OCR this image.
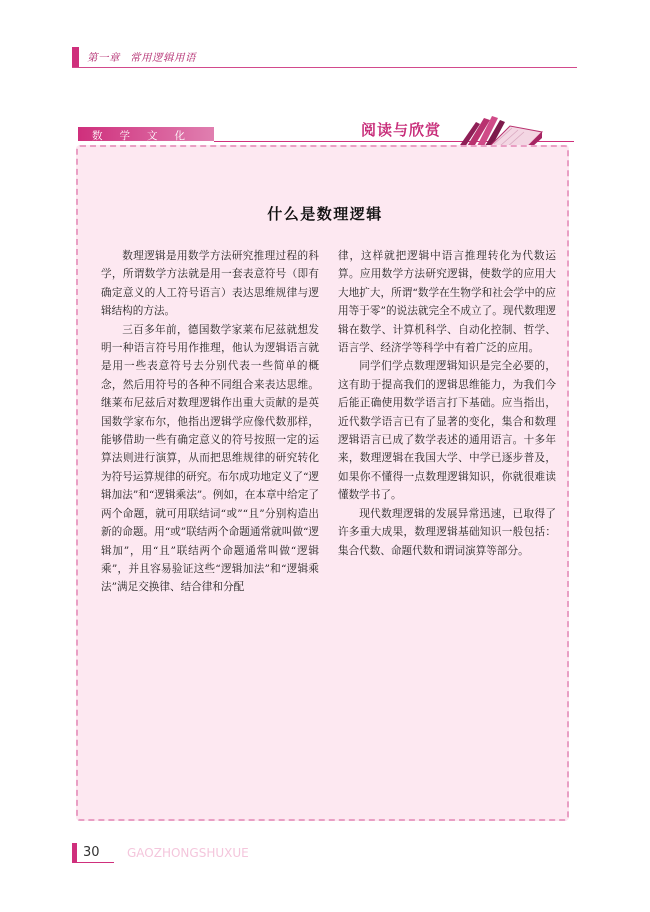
第一章 常用逻辑用语
数学文化	阅读与欣赏
什么是数理逻辑

数理逻辑是用数学方法研究推理过程的科学，所谓数学方法就是用一套表意符号（即有确定意义的人工符号语言）表达思维规律与逻辑结构的方法。

三百多年前，德国数学家莱布尼兹就想发明一种语言符号用作推理，他认为逻辑语言就是用一些表意符号去分别代表一些简单的概念，然后用符号的各种不同组合来表达思维。继莱布尼兹后对数理逻辑作出重大贡献的是英国数学家布尔，他指出逻辑学应像代数那样，能够借助一些有确定意义的符号按照一定的运算法则进行演算，从而把思维规律的研究转化为符号运算规律的研究。布尔成功地定义了“逻辑加法”和“逻辑乘法”。例如，在本章中给定了两个命题，就可用联结词“或”“且”分别构造出新的命题。用“或”联结两个命题通常就叫做“逻辑加”，用“且”联结两个命题通常叫做“逻辑乘”，并且容易验证这些“逻辑加法”和“逻辑乘法”满足交换律、结合律和分配

律，这样就把逻辑中语言推理转化为代数运算。应用数学方法研究逻辑，使数学的应用大大地扩大，所谓“数学在生物学和社会学中的应用等于零”的说法就完全不成立了。现代数理逻辑在数学、计算机科学、自动化控制、哲学、语言学、经济学等科学中有着广泛的应用。

同学们学点数理逻辑知识是完全必要的，这有助于提高我们的逻辑思维能力，为我们今后能正确使用数学语言打下基础。应当指出，近代数学语言已有了显著的变化，集合和数理逻辑语言已成了数学表述的通用语言。十多年来，数理逻辑在我国大学、中学已逐步普及，如果你不懂得一点数理逻辑知识，你就很难读懂数学书了。

现代数理逻辑的发展异常迅速，已取得了许多重大成果，数理逻辑基础知识一般包括：集合代数、命题代数和谓词演算等部分。

30	GAOZHONGSHUXUE
